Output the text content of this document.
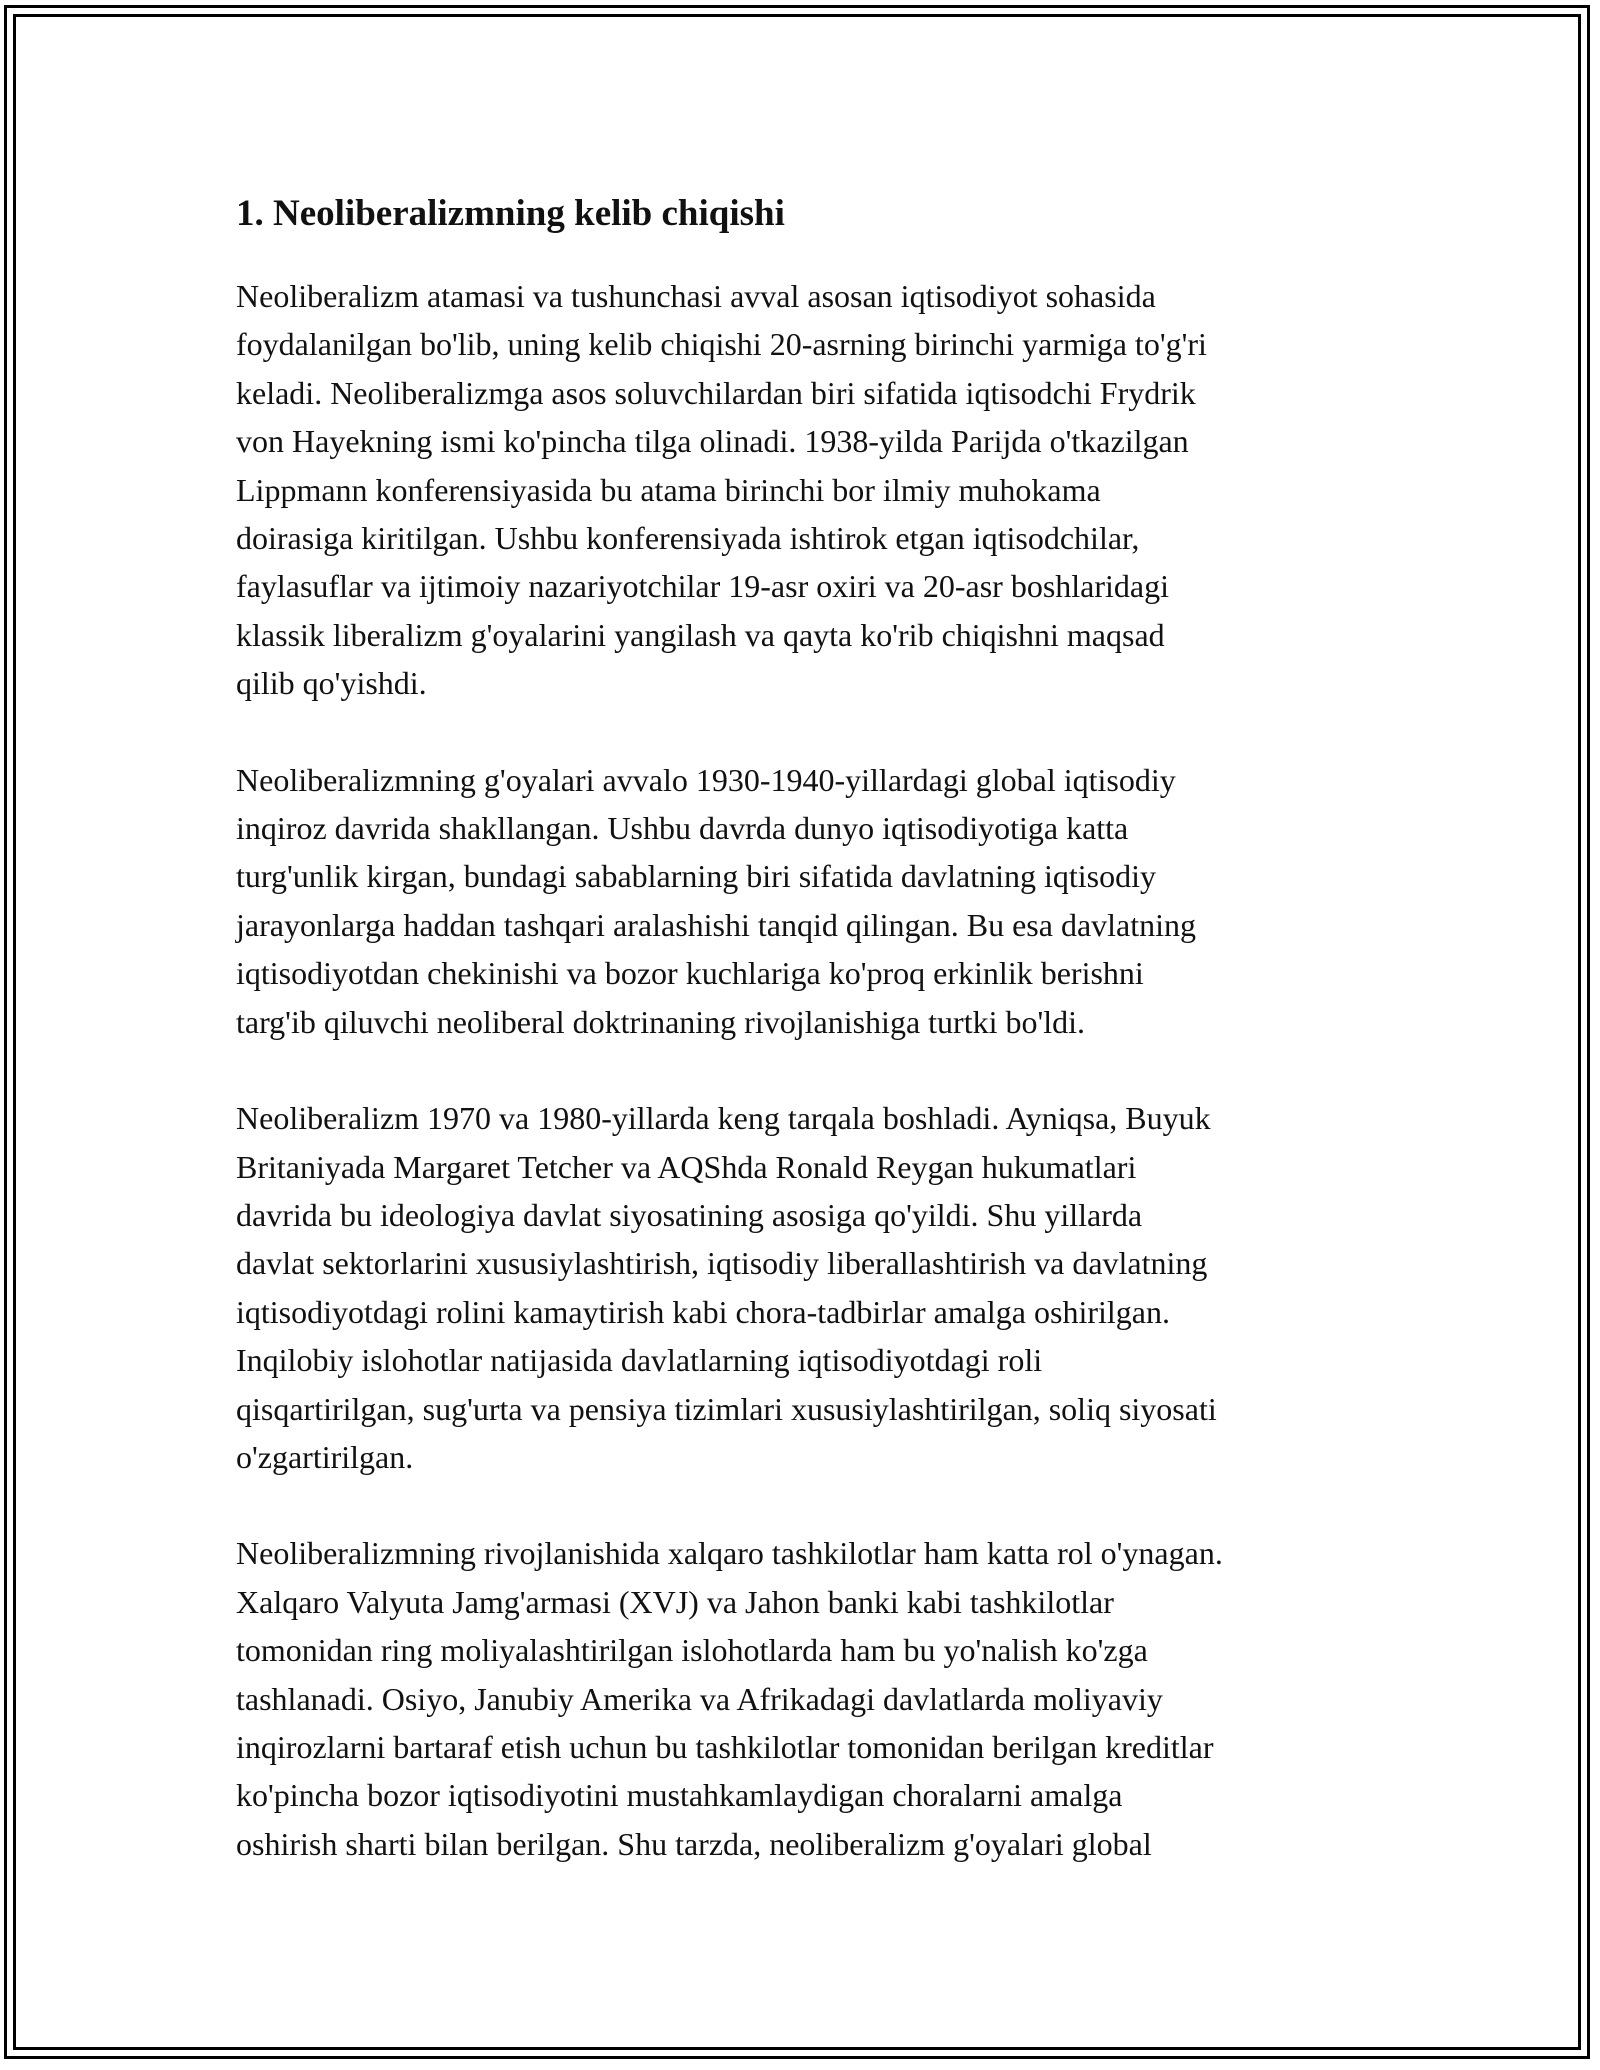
1. Neoliberalizmning kelib chiqishi

Neoliberalizm atamasi va tushunchasi avval asosan iqtisodiyot sohasida
foydalanilgan bo'lib, uning kelib chiqishi 20-asrning birinchi yarmiga to'g'ri
keladi. Neoliberalizmga asos soluvchilardan biri sifatida iqtisodchi Frydrik
von Hayekning ismi ko'pincha tilga olinadi. 1938-yilda Parijda o'tkazilgan
Lippmann konferensiyasida bu atama birinchi bor ilmiy muhokama
doirasiga kiritilgan. Ushbu konferensiyada ishtirok etgan iqtisodchilar,
faylasuflar va ijtimoiy nazariyotchilar 19-asr oxiri va 20-asr boshlaridagi
klassik liberalizm g'oyalarini yangilash va qayta ko'rib chiqishni maqsad
qilib qo'yishdi.

Neoliberalizmning g'oyalari avvalo 1930-1940-yillardagi global iqtisodiy
inqiroz davrida shakllangan. Ushbu davrda dunyo iqtisodiyotiga katta
turg'unlik kirgan, bundagi sabablarning biri sifatida davlatning iqtisodiy
jarayonlarga haddan tashqari aralashishi tanqid qilingan. Bu esa davlatning
iqtisodiyotdan chekinishi va bozor kuchlariga ko'proq erkinlik berishni
targ'ib qiluvchi neoliberal doktrinaning rivojlanishiga turtki bo'ldi.

Neoliberalizm 1970 va 1980-yillarda keng tarqala boshladi. Ayniqsa, Buyuk
Britaniyada Margaret Tetcher va AQShda Ronald Reygan hukumatlari
davrida bu ideologiya davlat siyosatining asosiga qo'yildi. Shu yillarda
davlat sektorlarini xususiylashtirish, iqtisodiy liberallashtirish va davlatning
iqtisodiyotdagi rolini kamaytirish kabi chora-tadbirlar amalga oshirilgan.
Inqilobiy islohotlar natijasida davlatlarning iqtisodiyotdagi roli
qisqartirilgan, sug'urta va pensiya tizimlari xususiylashtirilgan, soliq siyosati
o'zgartirilgan.

Neoliberalizmning rivojlanishida xalqaro tashkilotlar ham katta rol o'ynagan.
Xalqaro Valyuta Jamg'armasi (XVJ) va Jahon banki kabi tashkilotlar
tomonidan ring moliyalashtirilgan islohotlarda ham bu yo'nalish ko'zga
tashlanadi. Osiyo, Janubiy Amerika va Afrikadagi davlatlarda moliyaviy
inqirozlarni bartaraf etish uchun bu tashkilotlar tomonidan berilgan kreditlar
ko'pincha bozor iqtisodiyotini mustahkamlaydigan choralarni amalga
oshirish sharti bilan berilgan. Shu tarzda, neoliberalizm g'oyalari global
